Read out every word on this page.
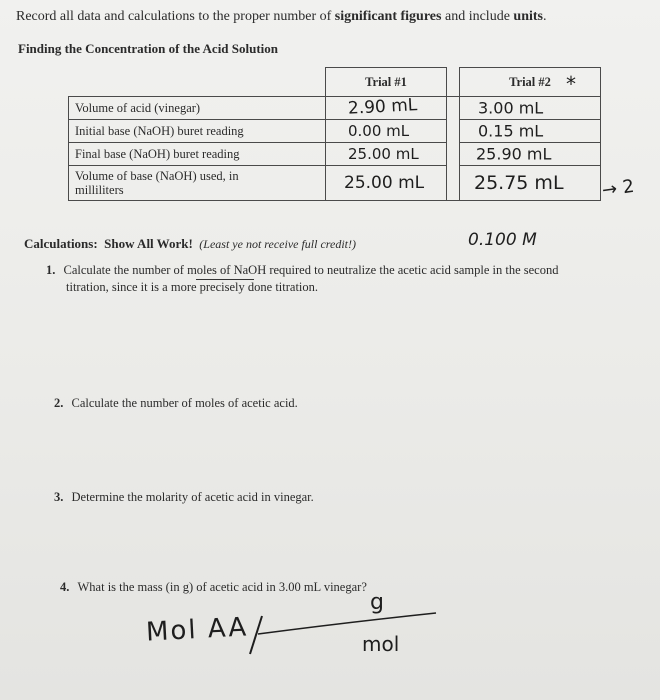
Record all data and calculations to the proper number of significant figures and include units.
Finding the Concentration of the Acid Solution
	Trial #1		Trial #2
Volume of acid (vinegar)	2.90 mL		3.00 mL

Initial base (NaOH) buret reading	0.00 mL		0.15 mL

Final base (NaOH) buret reading	25.00 mL		25.90 mL

Volume of base (NaOH) used, in
milliliters	25.00 mL		25.75 mL
*
→ 2
0.100 M
Calculations: Show All Work! (Least ye not receive full credit!)
1. Calculate the number of moles of NaOH required to neutralize the acetic acid sample in the second
titration, since it is a more precisely done titration.
2. Calculate the number of moles of acetic acid.
3. Determine the molarity of acetic acid in vinegar.
4. What is the mass (in g) of acetic acid in 3.00 mL vinegar?
Mol AA
g
mol
